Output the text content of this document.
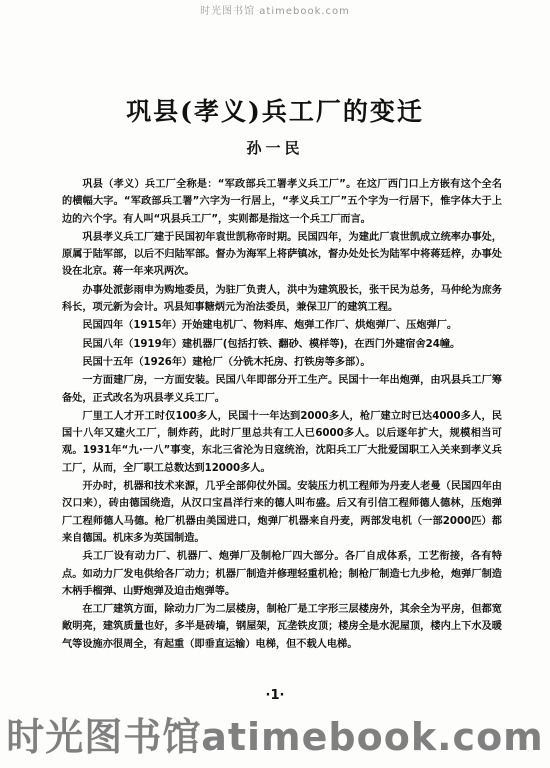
时光图书馆 atimebook.com
巩县(孝义)兵工厂的变迁
孙一民

巩县（孝义）兵工厂全称是：“军政部兵工署孝义兵工厂”。在这厂西门口上方嵌有这个全名的横幅大字。“军政部兵工署”六字为一行居上，“孝义兵工厂”五个字为一行居下，惟字体大于上边的六个字。有人叫“巩县兵工厂”，实则都是指这一个兵工厂而言。

巩县孝义兵工厂建于民国初年袁世凯称帝时期。民国四年，为建此厂袁世凯成立统率办事处，原属于陆军部，以后不归陆军部。督办为海军上将萨镇冰，督办处处长为陆军中将蒋廷梓，办事处设在北京。蒋一年来巩两次。

办事处派彭雨申为购地委员，为驻厂负责人，洪中为建筑股长，张干民为总务，马仲纶为庶务科长，项元新为会计。巩县知事糖炳元为治法委员，兼保卫厂的建筑工程。

民国四年（1915年）开始建电机厂、物料库、炮弹工作厂、烘炮弹厂、压炮弹厂。

民国八年（1919年）建机器厂(包括打铁、翻砂、模样等)，在西门外建宿舍24幢。

民国十五年（1926年）建枪厂（分铣木托房、打铁房等多部）。

一方面建厂房，一方面安装。民国八年即部分开工生产。民国十一年出炮弹，由巩县兵工厂筹备处，正式改名为巩县孝义兵工厂。

厂里工人才开工时仅100多人，民国十一年达到2000多人，枪厂建立时已达4000多人，民国十八年又建火工厂，制炸药，此时厂里总共有工人已6000多人。以后逐年扩大，规模相当可观。1931年“九·一八”事变，东北三省沦为日寇统治，沈阳兵工厂大批爱国职工入关来到孝义兵工厂，从而，全厂职工总数达到12000多人。

开办时，机器和技术来源，几乎全部仰仗外国。安装压力机工程师为丹麦人老曼（民国四年由汉口来），砖由德国绕造，从汉口宝昌洋行来的德人叫布盛。后又有引信工程师德人德林，压炮弹厂工程师德人马德。枪厂机器由美国进口，炮弹厂机器来自丹麦，两部发电机（一部2000匹）都来自德国。机床多为英国制造。

兵工厂设有动力厂、机器厂、炮弹厂及制枪厂四大部分。各厂自成体系，工艺衔接，各有特点。如动力厂发电供给各厂动力；机器厂制造并修理轻重机枪；制枪厂制造七九步枪，炮弹厂制造木柄手榴弹、山野炮弹及迫击炮弹等。

在工厂建筑方面，除动力厂为二层楼房，制枪厂是工字形三层楼房外，其余全为平房，但都宽敞明亮，建筑质量也好，多半是砖墙，钢屋架，瓦垄铁皮顶；楼房全是水泥屋顶，楼内上下水及暖气等设施亦很周全，有起重（即垂直运输）电梯，但不载人电梯。

·1·
时光图书馆atimebook.com
